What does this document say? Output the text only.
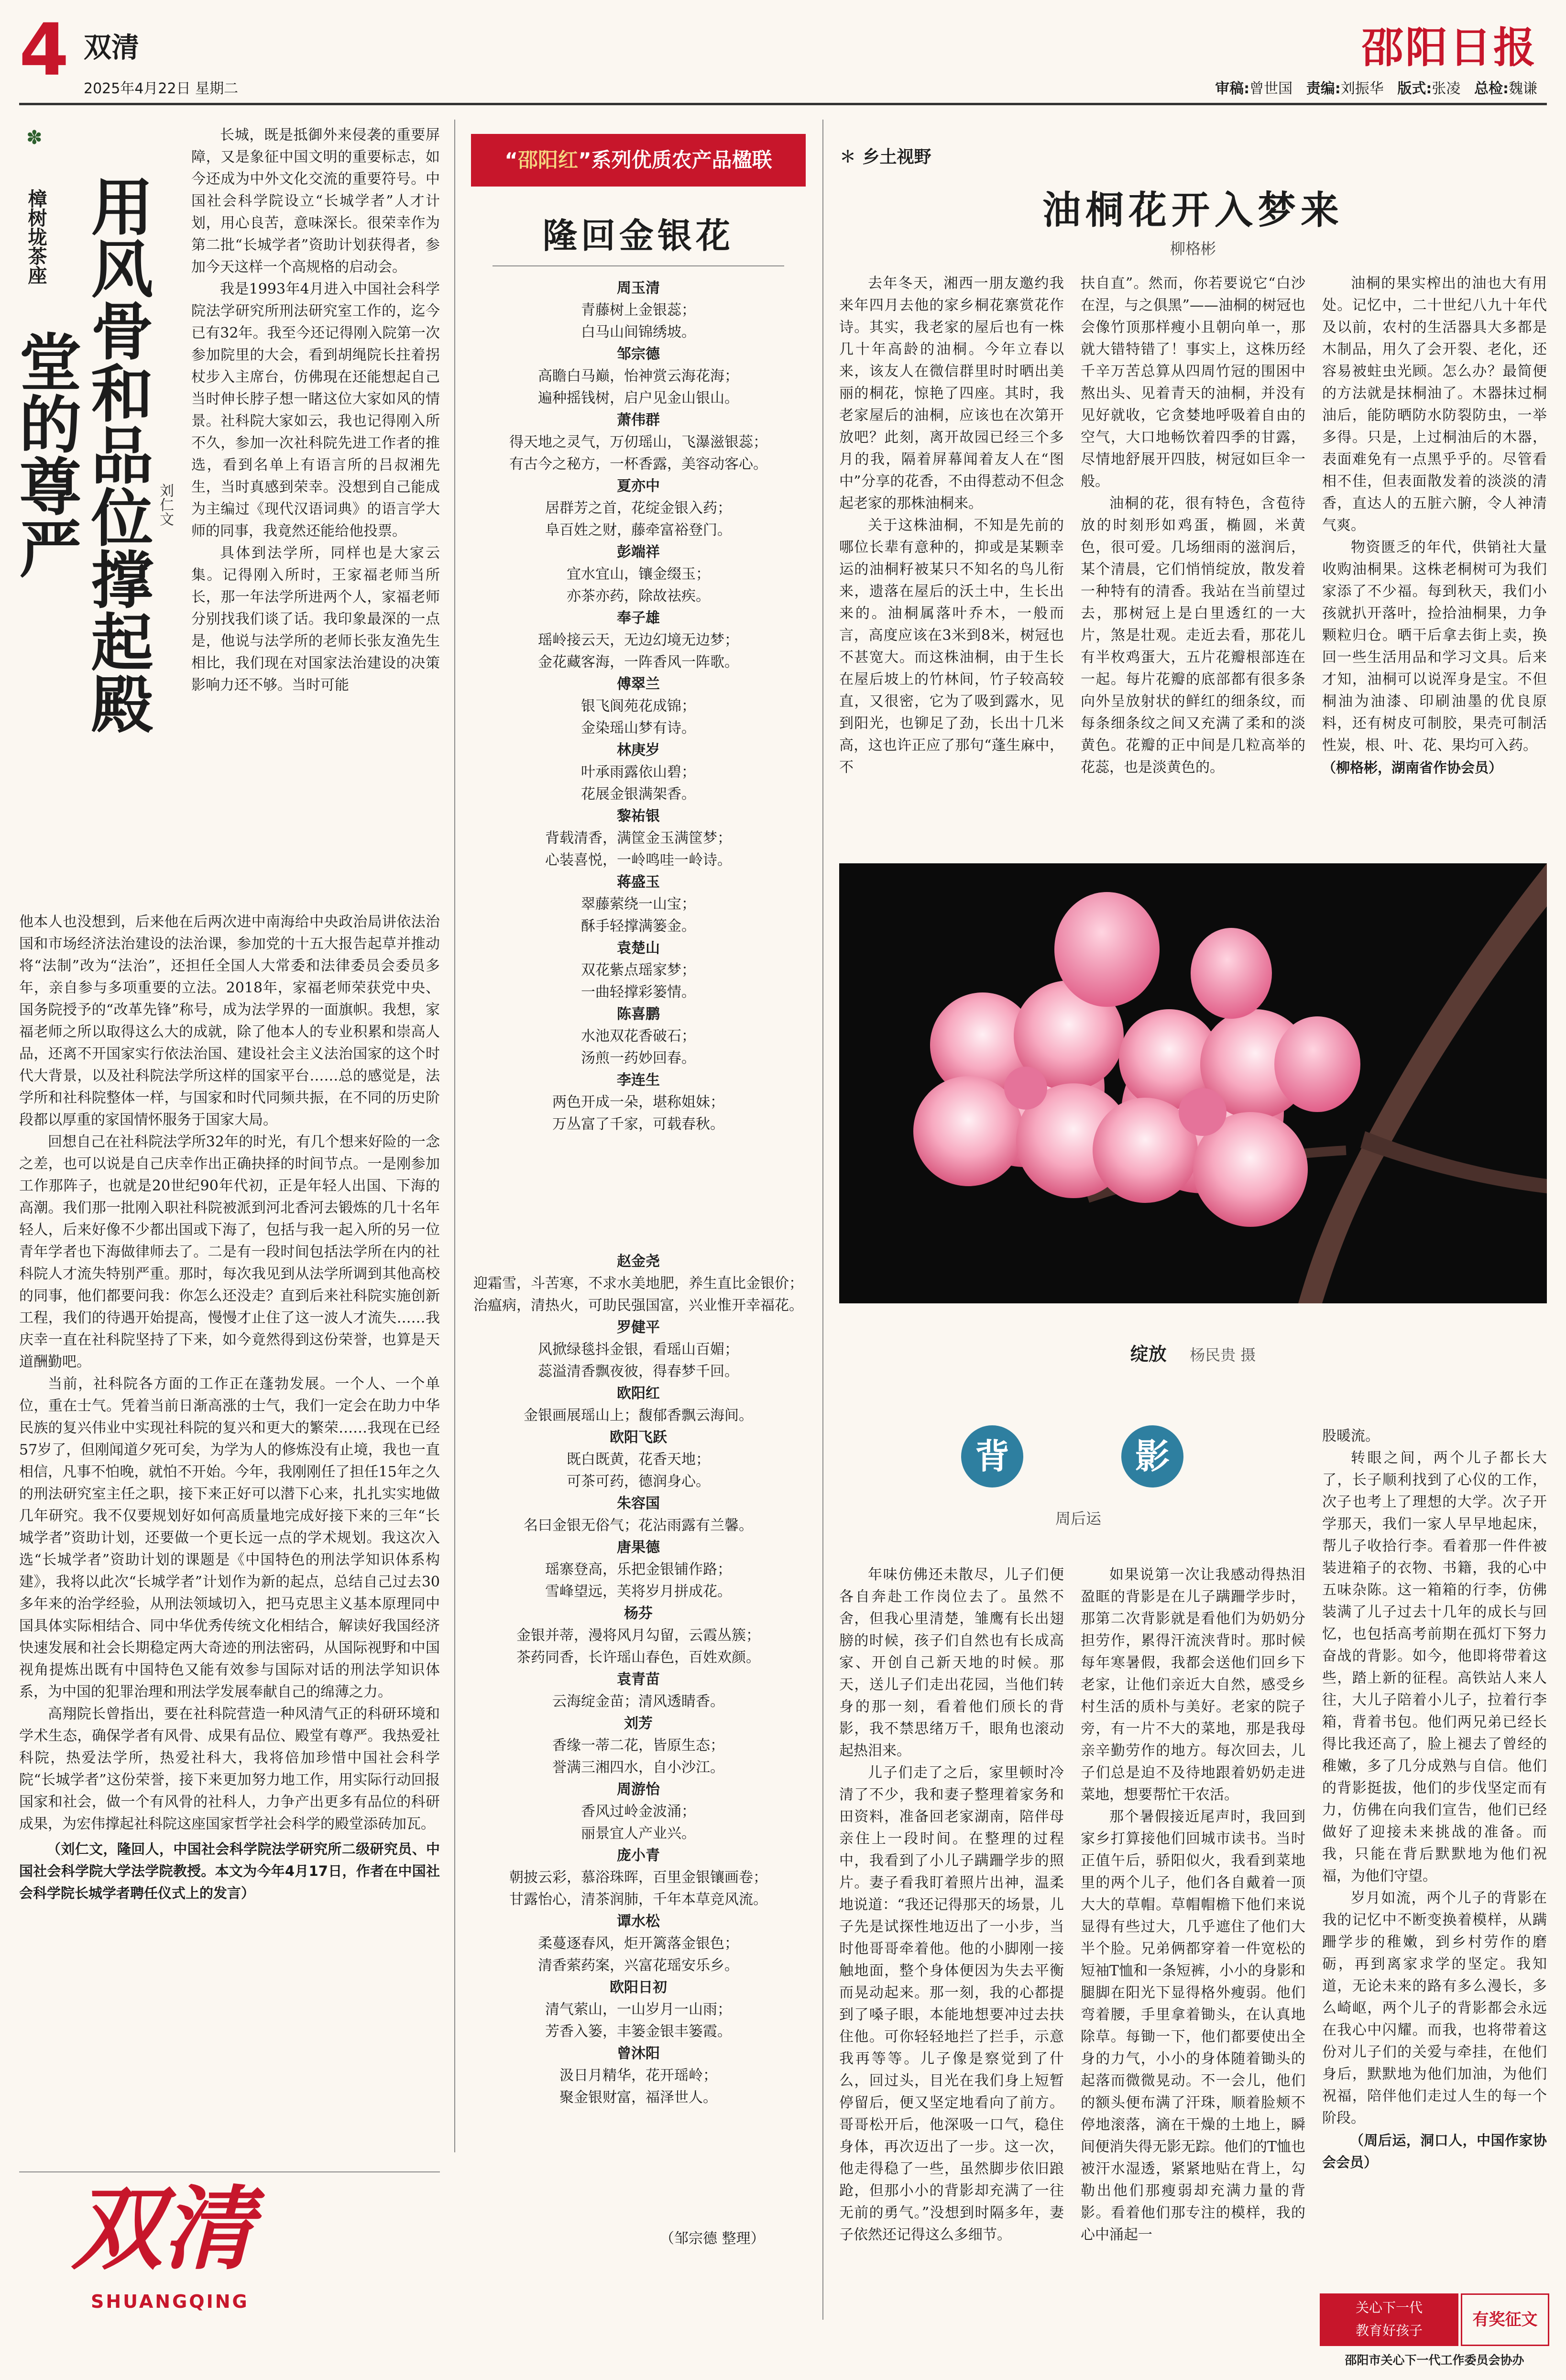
4 双清
2025年4月22日 星期二
邵阳日报
审稿:曾世国 责编:刘振华 版式:张凌 总检:魏谦
✽
樟树垅茶座 用风骨和品位撑起殿堂的尊严	刘仁文

长城，既是抵御外来侵袭的重要屏障，又是象征中国文明的重要标志，如今还成为中外文化交流的重要符号。中国社会科学院设立“长城学者”人才计划，用心良苦，意味深长。很荣幸作为第二批“长城学者”资助计划获得者，参加今天这样一个高规格的启动会。

我是1993年4月进入中国社会科学院法学研究所刑法研究室工作的，迄今已有32年。我至今还记得刚入院第一次参加院里的大会，看到胡绳院长拄着拐杖步入主席台，仿佛現在还能想起自己当时伸长脖子想一睹这位大家如风的情景。社科院大家如云，我也记得刚入所不久，参加一次社科院先进工作者的推选，看到名单上有语言所的吕叔湘先生，当时真感到荣幸。没想到自己能成为主编过《现代汉语词典》的语言学大师的同事，我竟然还能给他投票。

具体到法学所，同样也是大家云集。记得刚入所时，王家福老师当所长，那一年法学所进两个人，家福老师分别找我们谈了话。我印象最深的一点是，他说与法学所的老师长张友渔先生相比，我们现在对国家法治建设的决策影响力还不够。当时可能

他本人也没想到，后来他在后两次进中南海给中央政治局讲依法治国和市场经济法治建设的法治课，参加党的十五大报告起草并推动将“法制”改为“法治”，还担任全国人大常委和法律委员会委员多年，亲自参与多项重要的立法。2018年，家福老师荣获党中央、国务院授予的“改革先锋”称号，成为法学界的一面旗帜。我想，家福老师之所以取得这么大的成就，除了他本人的专业积累和崇高人品，还离不开国家实行依法治国、建设社会主义法治国家的这个时代大背景，以及社科院法学所这样的国家平台……总的感觉是，法学所和社科院整体一样，与国家和时代同频共振，在不同的历史阶段都以厚重的家国情怀服务于国家大局。

回想自己在社科院法学所32年的时光，有几个想来好险的一念之差，也可以说是自己庆幸作出正确抉择的时间节点。一是刚参加工作那阵子，也就是20世纪90年代初，正是年轻人出国、下海的高潮。我们那一批刚入职社科院被派到河北香河去锻炼的几十名年轻人，后来好像不少都出国或下海了，包括与我一起入所的另一位青年学者也下海做律师去了。二是有一段时间包括法学所在内的社科院人才流失特别严重。那时，每次我见到从法学所调到其他高校的同事，他们都要问我：你怎么还没走？直到后来社科院实施创新工程，我们的待遇开始提高，慢慢才止住了这一波人才流失……我庆幸一直在社科院坚持了下来，如今竟然得到这份荣誉，也算是天道酬勤吧。

当前，社科院各方面的工作正在蓬勃发展。一个人、一个单位，重在士气。凭着当前日渐高涨的士气，我们一定会在助力中华民族的复兴伟业中实现社科院的复兴和更大的繁荣……我现在已经57岁了，但刚闻道夕死可矣，为学为人的修炼没有止境，我也一直相信，凡事不怕晚，就怕不开始。今年，我刚刚任了担任15年之久的刑法研究室主任之职，接下来正好可以潜下心来，扎扎实实地做几年研究。我不仅要规划好如何高质量地完成好接下来的三年“长城学者”资助计划，还要做一个更长远一点的学术规划。我这次入选“长城学者”资助计划的课题是《中国特色的刑法学知识体系构建》，我将以此次“长城学者”计划作为新的起点，总结自己过去30多年来的治学经验，从刑法领域切入，把马克思主义基本原理同中国具体实际相结合、同中华优秀传统文化相结合，解读好我国经济快速发展和社会长期稳定两大奇迹的刑法密码，从国际视野和中国视角提炼出既有中国特色又能有效参与国际对话的刑法学知识体系，为中国的犯罪治理和刑法学发展奉献自己的绵薄之力。

高翔院长曾指出，要在社科院营造一种风清气正的科研环境和学术生态，确保学者有风骨、成果有品位、殿堂有尊严。我热爱社科院，热爱法学所，热爱社科大，我将倍加珍惜中国社会科学院“长城学者”这份荣誉，接下来更加努力地工作，用实际行动回报国家和社会，做一个有风骨的社科人，力争产出更多有品位的科研成果，为宏伟撑起社科院这座国家哲学社会科学的殿堂添砖加瓦。

（刘仁文，隆回人，中国社会科学院法学研究所二级研究员、中国社会科学院大学法学院教授。本文为今年4月17日，作者在中国社会科学院长城学者聘任仪式上的发言）

双清
SHUANGQING
“邵阳红”系列优质农产品楹联
隆回金银花
周玉清
青藤树上金银蕊；
白马山间锦绣坡。
邹宗德
高瞻白马巅，怡神赏云海花海；
遍种摇钱树，启户见金山银山。
萧伟群
得天地之灵气，万仞瑶山，飞瀑滋银蕊；
有古今之秘方，一杯香露，美容动客心。
夏亦中
居群芳之首，花绽金银入药；
阜百姓之财，藤牵富裕登门。
彭端祥
宜水宜山，镶金缀玉；
亦茶亦药，除故祛疾。
奉子雄
瑶岭接云天，无边幻境无边梦；
金花藏客海，一阵香风一阵歌。
傅翠兰
银飞阆苑花成锦；
金染瑶山梦有诗。
林庚岁
叶承雨露依山碧；
花展金银满架香。
黎祐银
背载清香，满筐金玉满筐梦；
心装喜悦，一岭鸣哇一岭诗。
蒋盛玉
翠藤萦绕一山宝；
酥手轻撑满篓金。
袁楚山
双花紫点瑶家梦；
一曲轻撑彩篓情。
陈喜鹏
水池双花香破石；
汤煎一药妙回春。
李连生
两色开成一朵，堪称姐妹；
万丛富了千家，可载春秋。
赵金尧
迎霜雪，斗苦寒，不求水美地肥，养生直比金银价；
治瘟病，清热火，可助民强国富，兴业惟开幸福花。
罗健平
风掀绿毯抖金银，看瑶山百媚；
蕊溢清香飘夜彼，得春梦千回。
欧阳红
金银画展瑶山上；馥郁香飘云海间。
欧阳飞跃
既白既黄，花香天地；
可茶可药，德润身心。
朱容国
名曰金银无俗气；花沾雨露有兰馨。
唐果德
瑶寨登高，乐把金银铺作路；
雪峰望远，芙将岁月拼成花。
杨芬
金银并蒂，漫将风月勾留，云霞丛簇；
茶药同香，长许瑶山春色，百姓欢颜。
袁青苗
云海绽金苗；清风透睛香。
刘芳
香缘一蒂二花，皆原生态；
誉满三湘四水，自小沙江。
周游怡
香风过岭金波涌；
丽景宜人产业兴。
庞小青
朝披云彩，慕浴珠晖，百里金银镶画卷；
甘露怡心，清茶润肺，千年本草竞风流。
谭水松
柔蔓逐春风，炬开篱落金银色；
清香萦药案，兴富花瑶安乐乡。
欧阳日初
清气萦山，一山岁月一山雨；
芳香入篓，丰篓金银丰篓霞。
曾沐阳
汲日月精华，花开瑶岭；
聚金银财富，福泽世人。
（邹宗德 整理）
✽ 乡土视野
油桐花开入梦来
柳格彬

去年冬天，湘西一朋友邀约我来年四月去他的家乡桐花寨赏花作诗。其实，我老家的屋后也有一株几十年高龄的油桐。今年立春以来，该友人在微信群里时时晒出美丽的桐花，惊艳了四座。其时，我老家屋后的油桐，应该也在次第开放吧？此刻，离开故园已经三个多月的我，隔着屏幕闻着友人在“图中”分享的花香，不由得惹动不但念起老家的那株油桐来。

关于这株油桐，不知是先前的哪位长辈有意种的，抑或是某颗幸运的油桐籽被某只不知名的鸟儿衔来，遗落在屋后的沃土中，生长出来的。油桐属落叶乔木，一般而言，高度应该在3米到8米，树冠也不甚宽大。而这株油桐，由于生长在屋后坡上的竹林间，竹子较高较直，又很密，它为了吸到露水，见到阳光，也铆足了劲，长出十几米高，这也许正应了那句“蓬生麻中，不

扶自直”。然而，你若要说它“白沙在涅，与之俱黑”——油桐的树冠也会像竹顶那样瘦小且朝向单一，那就大错特错了！事实上，这株历经千辛万苦总算从四周竹冠的围困中熬出头、见着青天的油桐，并没有见好就收，它贪婪地呼吸着自由的空气，大口地畅饮着四季的甘露，尽情地舒展开四肢，树冠如巨伞一般。

油桐的花，很有特色，含苞待放的时刻形如鸡蛋，椭圆，米黄色，很可爱。几场细雨的滋润后，某个清晨，它们悄悄绽放，散发着一种特有的清香。我站在当前望过去，那树冠上是白里透红的一大片，煞是壮观。走近去看，那花儿有半枚鸡蛋大，五片花瓣根部连在一起。每片花瓣的底部都有很多条向外呈放射状的鲜红的细条纹，而每条细条纹之间又充满了柔和的淡黄色。花瓣的正中间是几粒高举的花蕊，也是淡黄色的。

油桐的果实榨出的油也大有用处。记忆中，二十世纪八九十年代及以前，农村的生活器具大多都是木制品，用久了会开裂、老化，还容易被蛀虫光顾。怎么办？最简便的方法就是抹桐油了。木器抹过桐油后，能防晒防水防裂防虫，一举多得。只是，上过桐油后的木器，表面难免有一点黑乎乎的。尽管看相不佳，但表面散发着的淡淡的清香，直达人的五脏六腑，令人神清气爽。

物资匮乏的年代，供销社大量收购油桐果。这株老桐树可为我们家添了不少福。每到秋天，我们小孩就扒开落叶，捡拾油桐果，力争颗粒归仓。晒干后拿去街上卖，换回一些生活用品和学习文具。后来才知，油桐可以说浑身是宝。不但桐油为油漆、印刷油墨的优良原料，还有树皮可制胶，果壳可制活性炭，根、叶、花、果均可入药。

（柳格彬，湖南省作协会员）

绽放 杨民贵 摄
背	影
周后运

年味仿佛还未散尽，儿子们便各自奔赴工作岗位去了。虽然不舍，但我心里清楚，雏鹰有长出翅膀的时候，孩子们自然也有长成高家、开创自己新天地的时候。那天，送儿子们走出花园，当他们转身的那一刻，看着他们颀长的背影，我不禁思绪万千，眼角也滚动起热泪来。

儿子们走了之后，家里顿时冷清了不少，我和妻子整理着家务和田资料，准备回老家湖南，陪伴母亲住上一段时间。在整理的过程中，我看到了小儿子蹒跚学步的照片。妻子看我盯着照片出神，温柔地说道：“我还记得那天的场景，儿子先是试探性地迈出了一小步，当时他哥哥牵着他。他的小脚刚一接触地面，整个身体便因为失去平衡而晃动起来。那一刻，我的心都提到了嗓子眼，本能地想要冲过去扶住他。可你轻轻地拦了拦手，示意我再等等。儿子像是察觉到了什么，回过头，目光在我们身上短暂停留后，便又坚定地看向了前方。哥哥松开后，他深吸一口气，稳住身体，再次迈出了一步。这一次，他走得稳了一些，虽然脚步依旧踉跄，但那小小的背影却充满了一往无前的勇气。”没想到时隔多年，妻子依然还记得这么多细节。

如果说第一次让我感动得热泪盈眶的背影是在儿子蹒跚学步时，那第二次背影就是看他们为奶奶分担劳作，累得汗流浃背时。那时候每年寒暑假，我都会送他们回乡下老家，让他们亲近大自然，感受乡村生活的质朴与美好。老家的院子旁，有一片不大的菜地，那是我母亲辛勤劳作的地方。每次回去，儿子们总是迫不及待地跟着奶奶走进菜地，想要帮忙干农活。

那个暑假接近尾声时，我回到家乡打算接他们回城市读书。当时正值午后，骄阳似火，我看到菜地里的两个儿子，他们各自戴着一顶大大的草帽。草帽帽檐下他们来说显得有些过大，几乎遮住了他们大半个脸。兄弟俩都穿着一件宽松的短袖T恤和一条短裤，小小的身影和腿脚在阳光下显得格外瘦弱。他们弯着腰，手里拿着锄头，在认真地除草。每锄一下，他们都要使出全身的力气，小小的身体随着锄头的起落而微微晃动。不一会儿，他们的额头便布满了汗珠，顺着脸颊不停地滚落，滴在干燥的土地上，瞬间便消失得无影无踪。他们的T恤也被汗水湿透，紧紧地贴在背上，勾勒出他们那瘦弱却充满力量的背影。看着他们那专注的模样，我的心中涌起一

股暖流。

转眼之间，两个儿子都长大了，长子顺利找到了心仪的工作，次子也考上了理想的大学。次子开学那天，我们一家人早早地起床，帮儿子收拾行李。看着那一件件被装进箱子的衣物、书籍，我的心中五味杂陈。这一箱箱的行李，仿佛装满了儿子过去十几年的成长与回忆，也包括高考前期在孤灯下努力奋战的背影。如今，他即将带着这些，踏上新的征程。高铁站人来人往，大儿子陪着小儿子，拉着行李箱，背着书包。他们两兄弟已经长得比我还高了，脸上褪去了曾经的稚嫩，多了几分成熟与自信。他们的背影挺拔，他们的步伐坚定而有力，仿佛在向我们宣告，他们已经做好了迎接未来挑战的准备。而我，只能在背后默默地为他们祝福，为他们守望。

岁月如流，两个儿子的背影在我的记忆中不断变换着模样，从蹒跚学步的稚嫩，到乡村劳作的磨砺，再到离家求学的坚定。我知道，无论未来的路有多么漫长，多么崎岖，两个儿子的背影都会永远在我心中闪耀。而我，也将带着这份对儿子们的关爱与牵挂，在他们身后，默默地为他们加油，为他们祝福，陪伴他们走过人生的每一个阶段。

（周后运，洞口人，中国作家协会会员）

关心下一代
教育好孩子
有奖征文
邵阳市关心下一代工作委员会协办
